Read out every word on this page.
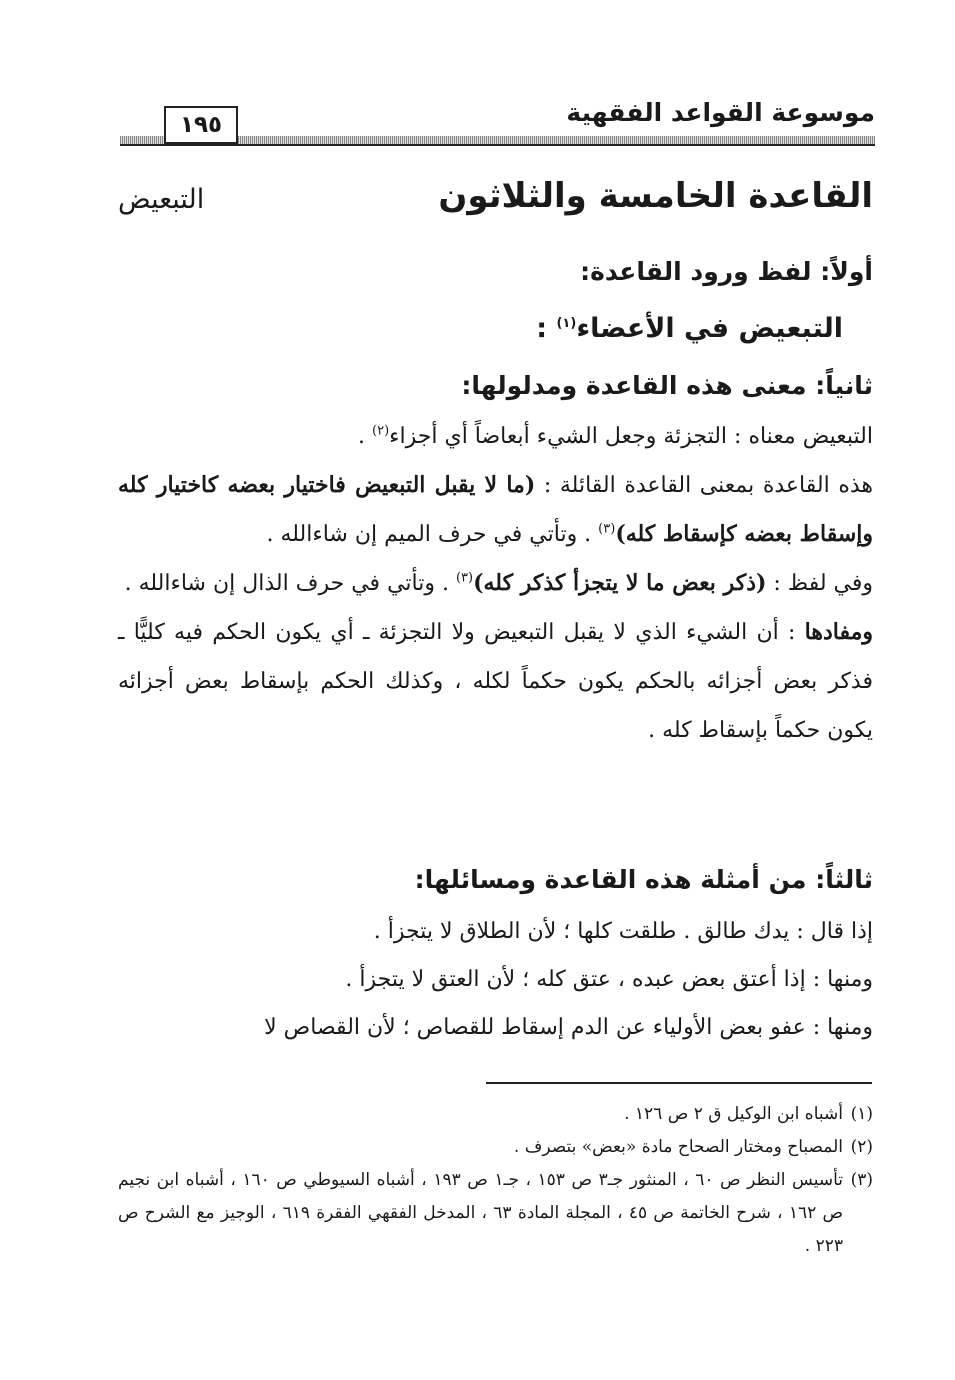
موسوعة القواعد الفقهية
١٩٥
القاعدة الخامسة والثلاثون
التبعيض

أولاً: لفظ ورود القاعدة:

التبعيض في الأعضاء$^{(١)}$ :

ثانياً: معنى هذه القاعدة ومدلولها:

التبعيض معناه : التجزئة وجعل الشيء أبعاضاً أي أجزاء$^{(٢)}$ .

هذه القاعدة بمعنى القاعدة القائلة : (ما لا يقبل التبعيض فاختيار بعضه كاختيار كله وإسقاط بعضه كإسقاط كله)$^{(٣)}$ . وتأتي في حرف الميم إن شاءالله .

وفي لفظ : (ذكر بعض ما لا يتجزأ كذكر كله)$^{(٣)}$ . وتأتي في حرف الذال إن شاءالله .

ومفادها : أن الشيء الذي لا يقبل التبعيض ولا التجزئة ـ أي يكون الحكم فيه كليًّا ـ فذكر بعض أجزائه بالحكم يكون حكماً لكله ، وكذلك الحكم بإسقاط بعض أجزائه يكون حكماً بإسقاط كله .

ثالثاً: من أمثلة هذه القاعدة ومسائلها:

إذا قال : يدك طالق . طلقت كلها ؛ لأن الطلاق لا يتجزأ .

ومنها : إذا أعتق بعض عبده ، عتق كله ؛ لأن العتق لا يتجزأ .

ومنها : عفو بعض الأولياء عن الدم إسقاط للقصاص ؛ لأن القصاص لا

(١)
أشباه ابن الوكيل ق ٢ ص ١٢٦ .

(٢)
المصباح ومختار الصحاح مادة «بعض» بتصرف .

(٣)
تأسيس النظر ص ٦٠ ، المنثور جـ٣ ص ١٥٣ ، جـ١ ص ١٩٣ ، أشباه السيوطي ص ١٦٠ ، أشباه ابن نجيم ص ١٦٢ ، شرح الخاتمة ص ٤٥ ، المجلة المادة ٦٣ ، المدخل الفقهي الفقرة ٦١٩ ، الوجيز مع الشرح ص ٢٢٣ .
